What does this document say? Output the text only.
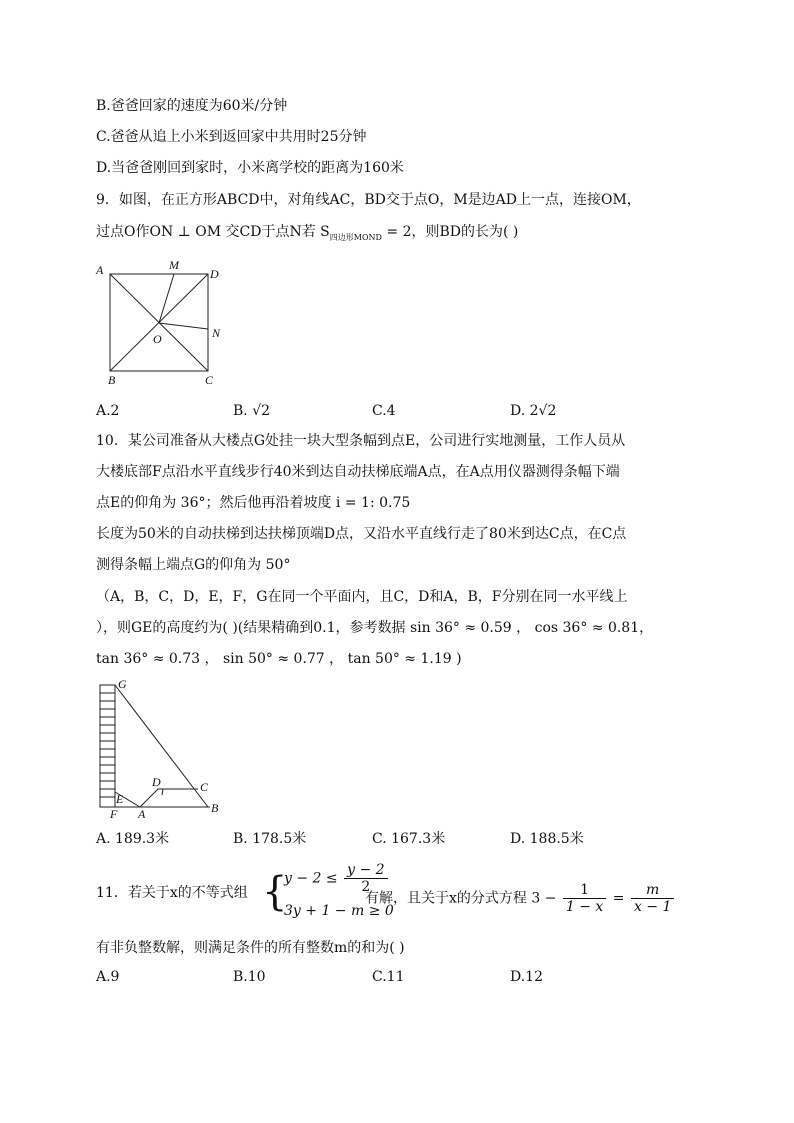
B.爸爸回家的速度为60米/分钟
C.爸爸从追上小米到返回家中共用时25分钟
D.当爸爸刚回到家时，小米离学校的距离为160米
9．如图，在正方形ABCD中，对角线AC，BD交于点O，M是边AD上一点，连接OM，
过点O作ON ⊥ OM 交CD于点N若 $S_{四边形MOND} = 2$，则BD的长为( )
A	M
D
N
O
B	C
A.2	B. √2	C.4	D. 2√2
10．某公司准备从大楼点G处挂一块大型条幅到点E，公司进行实地测量，工作人员从
大楼底部F点沿水平直线步行40米到达自动扶梯底端A点，在A点用仪器测得条幅下端
点E的仰角为 36°；然后他再沿着坡度 i = 1: 0.75
长度为50米的自动扶梯到达扶梯顶端D点，又沿水平直线行走了80米到达C点，在C点
测得条幅上端点G的仰角为 50°
（A，B，C，D，E，F，G在同一个平面内，且C，D和A，B，F分别在同一水平线上
），则GE的高度约为( )(结果精确到0.1，参考数据 sin 36° ≈ 0.59 ， cos 36° ≈ 0.81，
tan 36° ≈ 0.73 ， sin 50° ≈ 0.77 ， tan 50° ≈ 1.19 )
G
E
F A
D	C
B
A. 189.3米	B. 178.5米	C. 167.3米	D. 188.5米
11．若关于x的不等式组 {
$y - 2 \le \frac{y - 2}{2}$
3y + 1 − m ≥ 0
有解，且关于x的分式方程 $3 - \frac{1}{1 - x} = \frac{m}{x - 1}$
有非负整数解，则满足条件的所有整数m的和为( )
A.9	B.10	C.11	D.12
